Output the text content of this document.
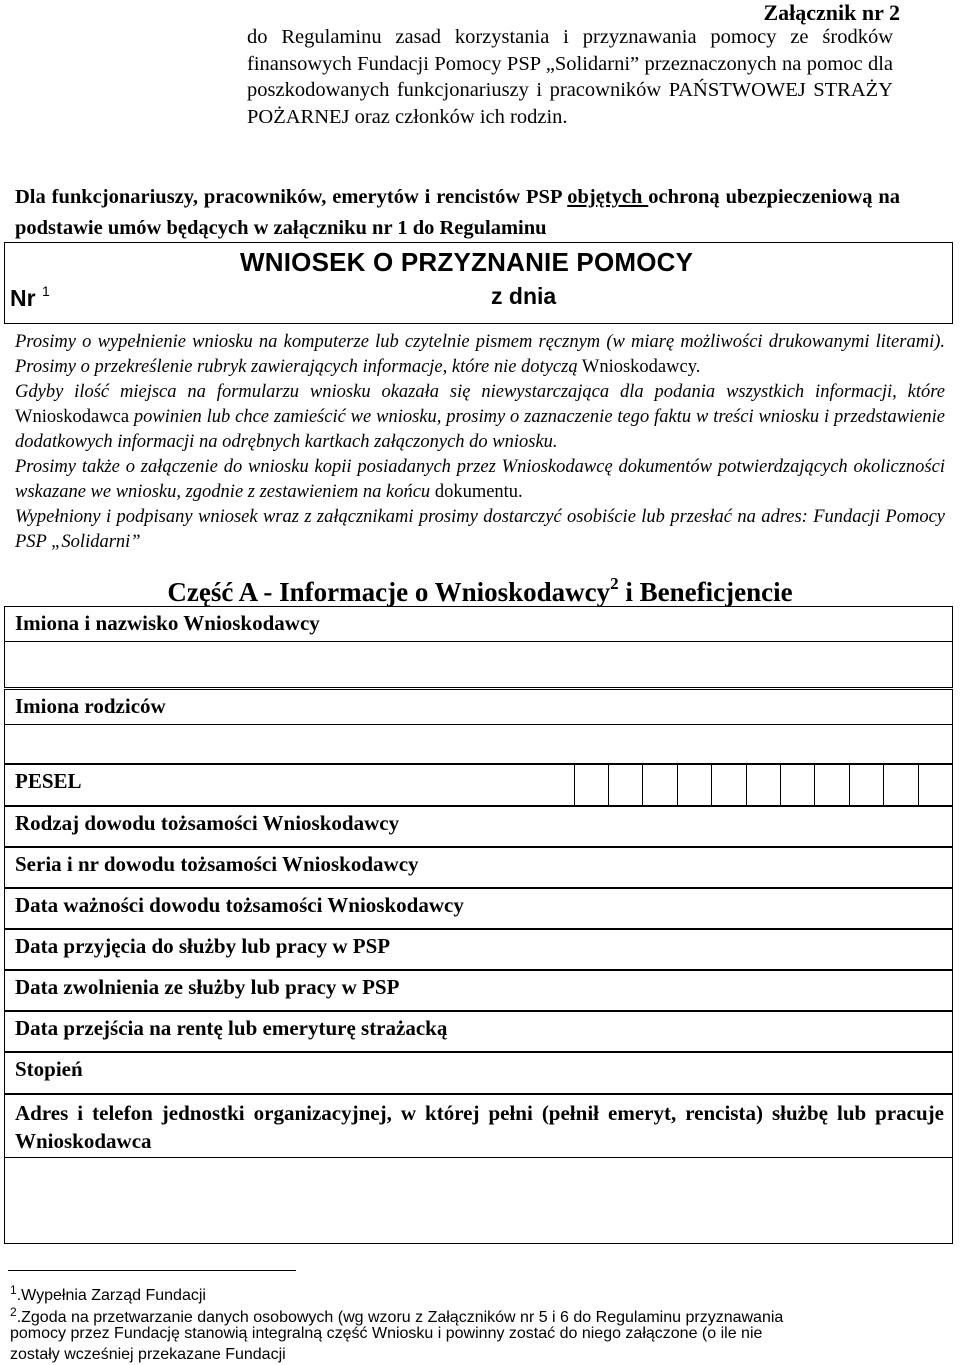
Załącznik nr 2
do Regulaminu zasad korzystania i przyznawania pomocy ze środków finansowych Fundacji Pomocy PSP „Solidarni” przeznaczonych na pomoc dla poszkodowanych funkcjonariuszy i pracowników PAŃSTWOWEJ STRAŻY POŻARNEJ oraz członków ich rodzin.
Dla funkcjonariuszy, pracowników, emerytów i rencistów PSP objętych ochroną ubezpieczeniową na podstawie umów będących w załączniku nr 1 do Regulaminu
Nr $^1$
WNIOSEK O PRZYZNANIE POMOCY
z dnia

Prosimy o wypełnienie wniosku na komputerze lub czytelnie pismem ręcznym (w miarę możliwości drukowanymi literami). Prosimy o przekreślenie rubryk zawierających informacje, które nie dotyczą Wnioskodawcy.

Gdyby ilość miejsca na formularzu wniosku okazała się niewystarczająca dla podania wszystkich informacji, które Wnioskodawca powinien lub chce zamieścić we wniosku, prosimy o zaznaczenie tego faktu w treści wniosku i przedstawienie dodatkowych informacji na odrębnych kartkach załączonych do wniosku.

Prosimy także o załączenie do wniosku kopii posiadanych przez Wnioskodawcę dokumentów potwierdzających okoliczności wskazane we wniosku, zgodnie z zestawieniem na końcu dokumentu.

Wypełniony i podpisany wniosek wraz z załącznikami prosimy dostarczyć osobiście lub przesłać na adres: Fundacji Pomocy PSP „Solidarni”

Część A - Informacje o Wnioskodawcy$^2$ i Beneficjencie
Imiona i nazwisko Wnioskodawcy
Imiona rodziców
PESEL
Rodzaj dowodu tożsamości Wnioskodawcy
Seria i nr dowodu tożsamości Wnioskodawcy
Data ważności dowodu tożsamości Wnioskodawcy
Data przyjęcia do służby lub pracy w PSP
Data zwolnienia ze służby lub pracy w PSP
Data przejścia na rentę lub emeryturę strażacką
Stopień
Adres i telefon jednostki organizacyjnej, w której pełni (pełnił emeryt, rencista) służbę lub pracuje Wnioskodawca
$^1$.Wypełnia Zarząd Fundacji
$^2$.Zgoda na przetwarzanie danych osobowych (wg wzoru z Załączników nr 5 i 6 do Regulaminu przyznawania
pomocy przez Fundację stanowią integralną część Wniosku i powinny zostać do niego załączone (o ile nie
zostały wcześniej przekazane Fundacji
